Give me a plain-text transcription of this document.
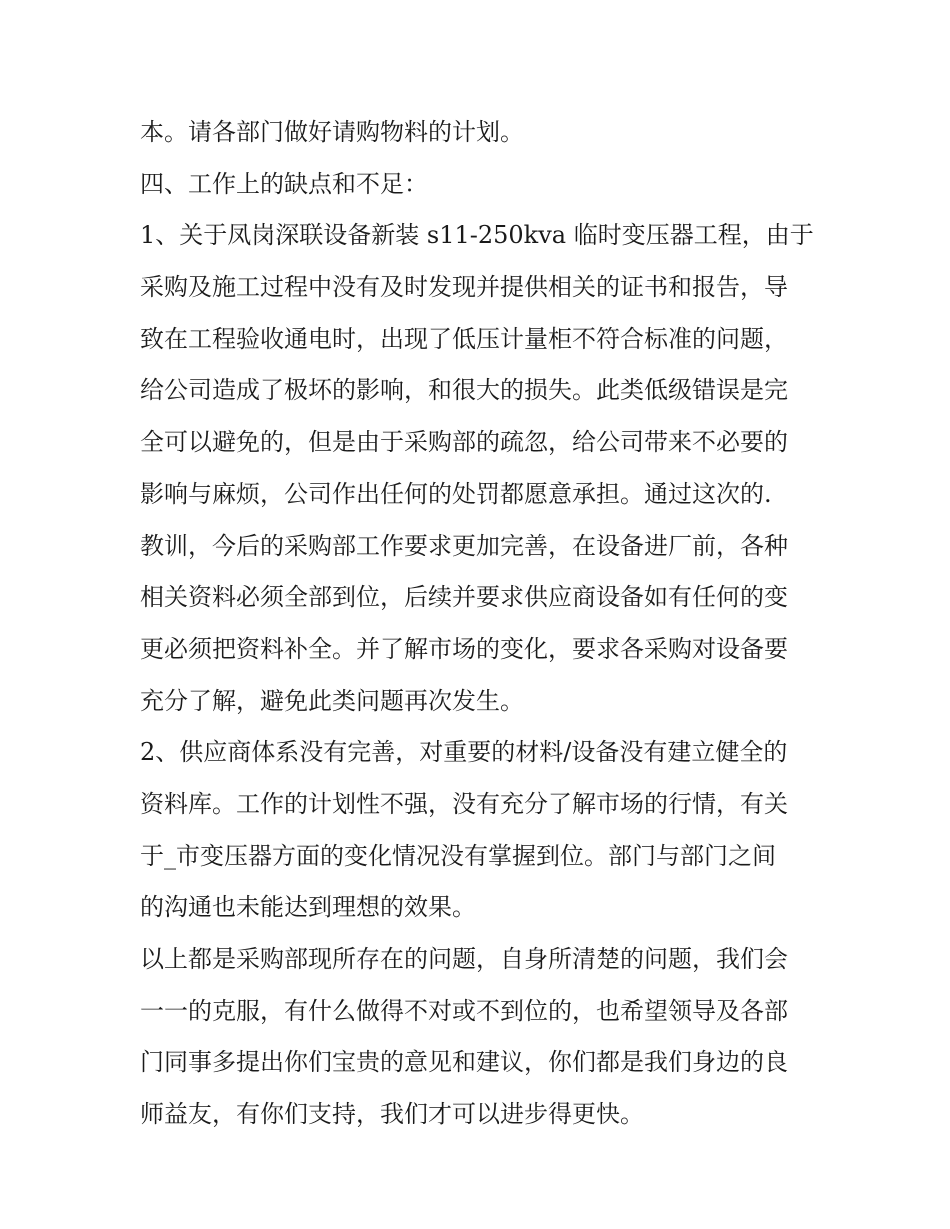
本。请各部门做好请购物料的计划。
四、工作上的缺点和不足：
1、关于凤岗深联设备新装 s11-250kva 临时变压器工程，由于
采购及施工过程中没有及时发现并提供相关的证书和报告，导
致在工程验收通电时，出现了低压计量柜不符合标准的问题，
给公司造成了极坏的影响，和很大的损失。此类低级错误是完
全可以避免的，但是由于采购部的疏忽，给公司带来不必要的
影响与麻烦，公司作出任何的处罚都愿意承担。通过这次的.
教训，今后的采购部工作要求更加完善，在设备进厂前，各种
相关资料必须全部到位，后续并要求供应商设备如有任何的变
更必须把资料补全。并了解市场的变化，要求各采购对设备要
充分了解，避免此类问题再次发生。
2、供应商体系没有完善，对重要的材料/设备没有建立健全的
资料库。工作的计划性不强，没有充分了解市场的行情，有关
于_市变压器方面的变化情况没有掌握到位。部门与部门之间
的沟通也未能达到理想的效果。
以上都是采购部现所存在的问题，自身所清楚的问题，我们会
一一的克服，有什么做得不对或不到位的，也希望领导及各部
门同事多提出你们宝贵的意见和建议，你们都是我们身边的良
师益友，有你们支持，我们才可以进步得更快。
